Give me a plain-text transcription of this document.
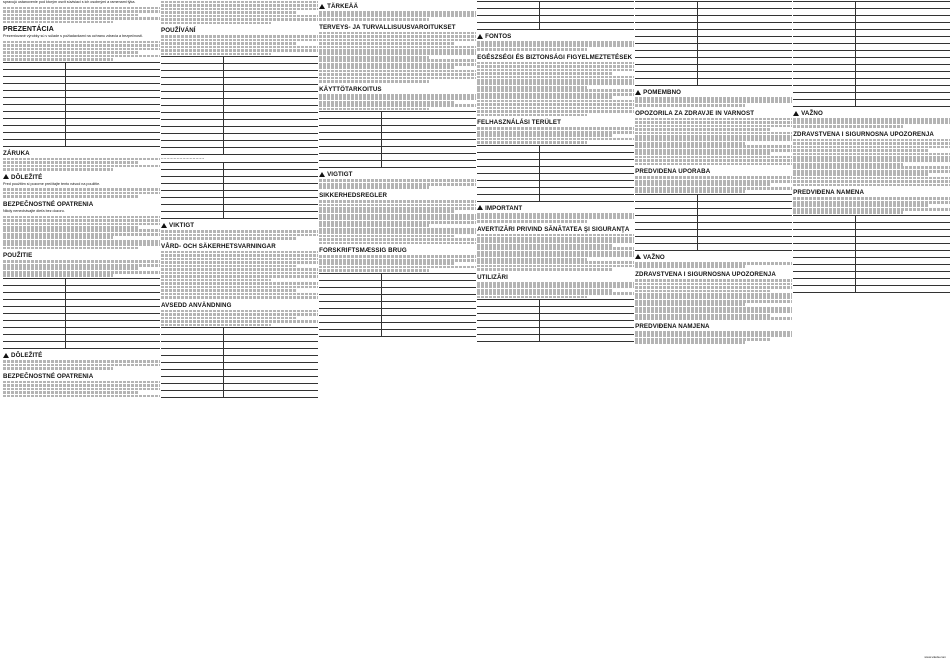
spravujú ustanovenie pod ktorým osvit súvisiaci s ich osobnými a ramenami týka.
PREZENTÁCIA
Prezentované výrobky sú v súlade s požiadavkami na ochranu zdravia a bezpečnosti.
ZÁRUKA
DÔLEŽITÉ
Pred použitím si pozorne prečítajte tento návod na použitie.
BEZPEČNOSTNÉ OPATRENIA
Nikdy nenechávajte dieťa bez dozoru.
POUŽITIE
DÔLEŽITÉ
BEZPEČNOSTNÉ OPATRENIA
POUŽÍVÁNÍ
▪ ▪ ▪ ▪ ▪ ▪ ▪ ▪ ▪ ▪ ▪ ▪ ▪ ▪ ▪ ▪ ▪ ▪ ▪ ▪ ▪ ▪ ▪ ▪ ▪ ▪ ▪ ▪ ▪ ▪
VIKTIGT
VÅRD- OCH SÄKERHETSVARNINGAR
AVSEDD ANVÄNDNING
TÄRKEÄÄ
TERVEYS- JA TURVALLISUUSVAROITUKSET
KÄYTTÖTARKOITUS
VIGTIGT
SIKKERHEDSREGLER
FORSKRIFTSMÆSSIG BRUG
FONTOS
EGÉSZSÉGI ÉS BIZTONSÁGI FIGYELMEZTETÉSEK
FELHASZNÁLÁSI TERÜLET
IMPORTANT
AVERTIZĂRI PRIVIND SĂNĂTATEA ŞI SIGURANŢA
UTILIZĂRI
POMEMBNO
OPOZORILA ZA ZDRAVJE IN VARNOST
PREDVIDENA UPORABA
VAŽNO
ZDRAVSTVENA I SIGURNOSNA UPOZORENJA
PREDVIĐENA NAMJENA
VAŽNO
ZDRAVSTVENA I SIGURNOSNA UPOZORENJA
PREDVIĐENA NAMENA
www.vileda.com
